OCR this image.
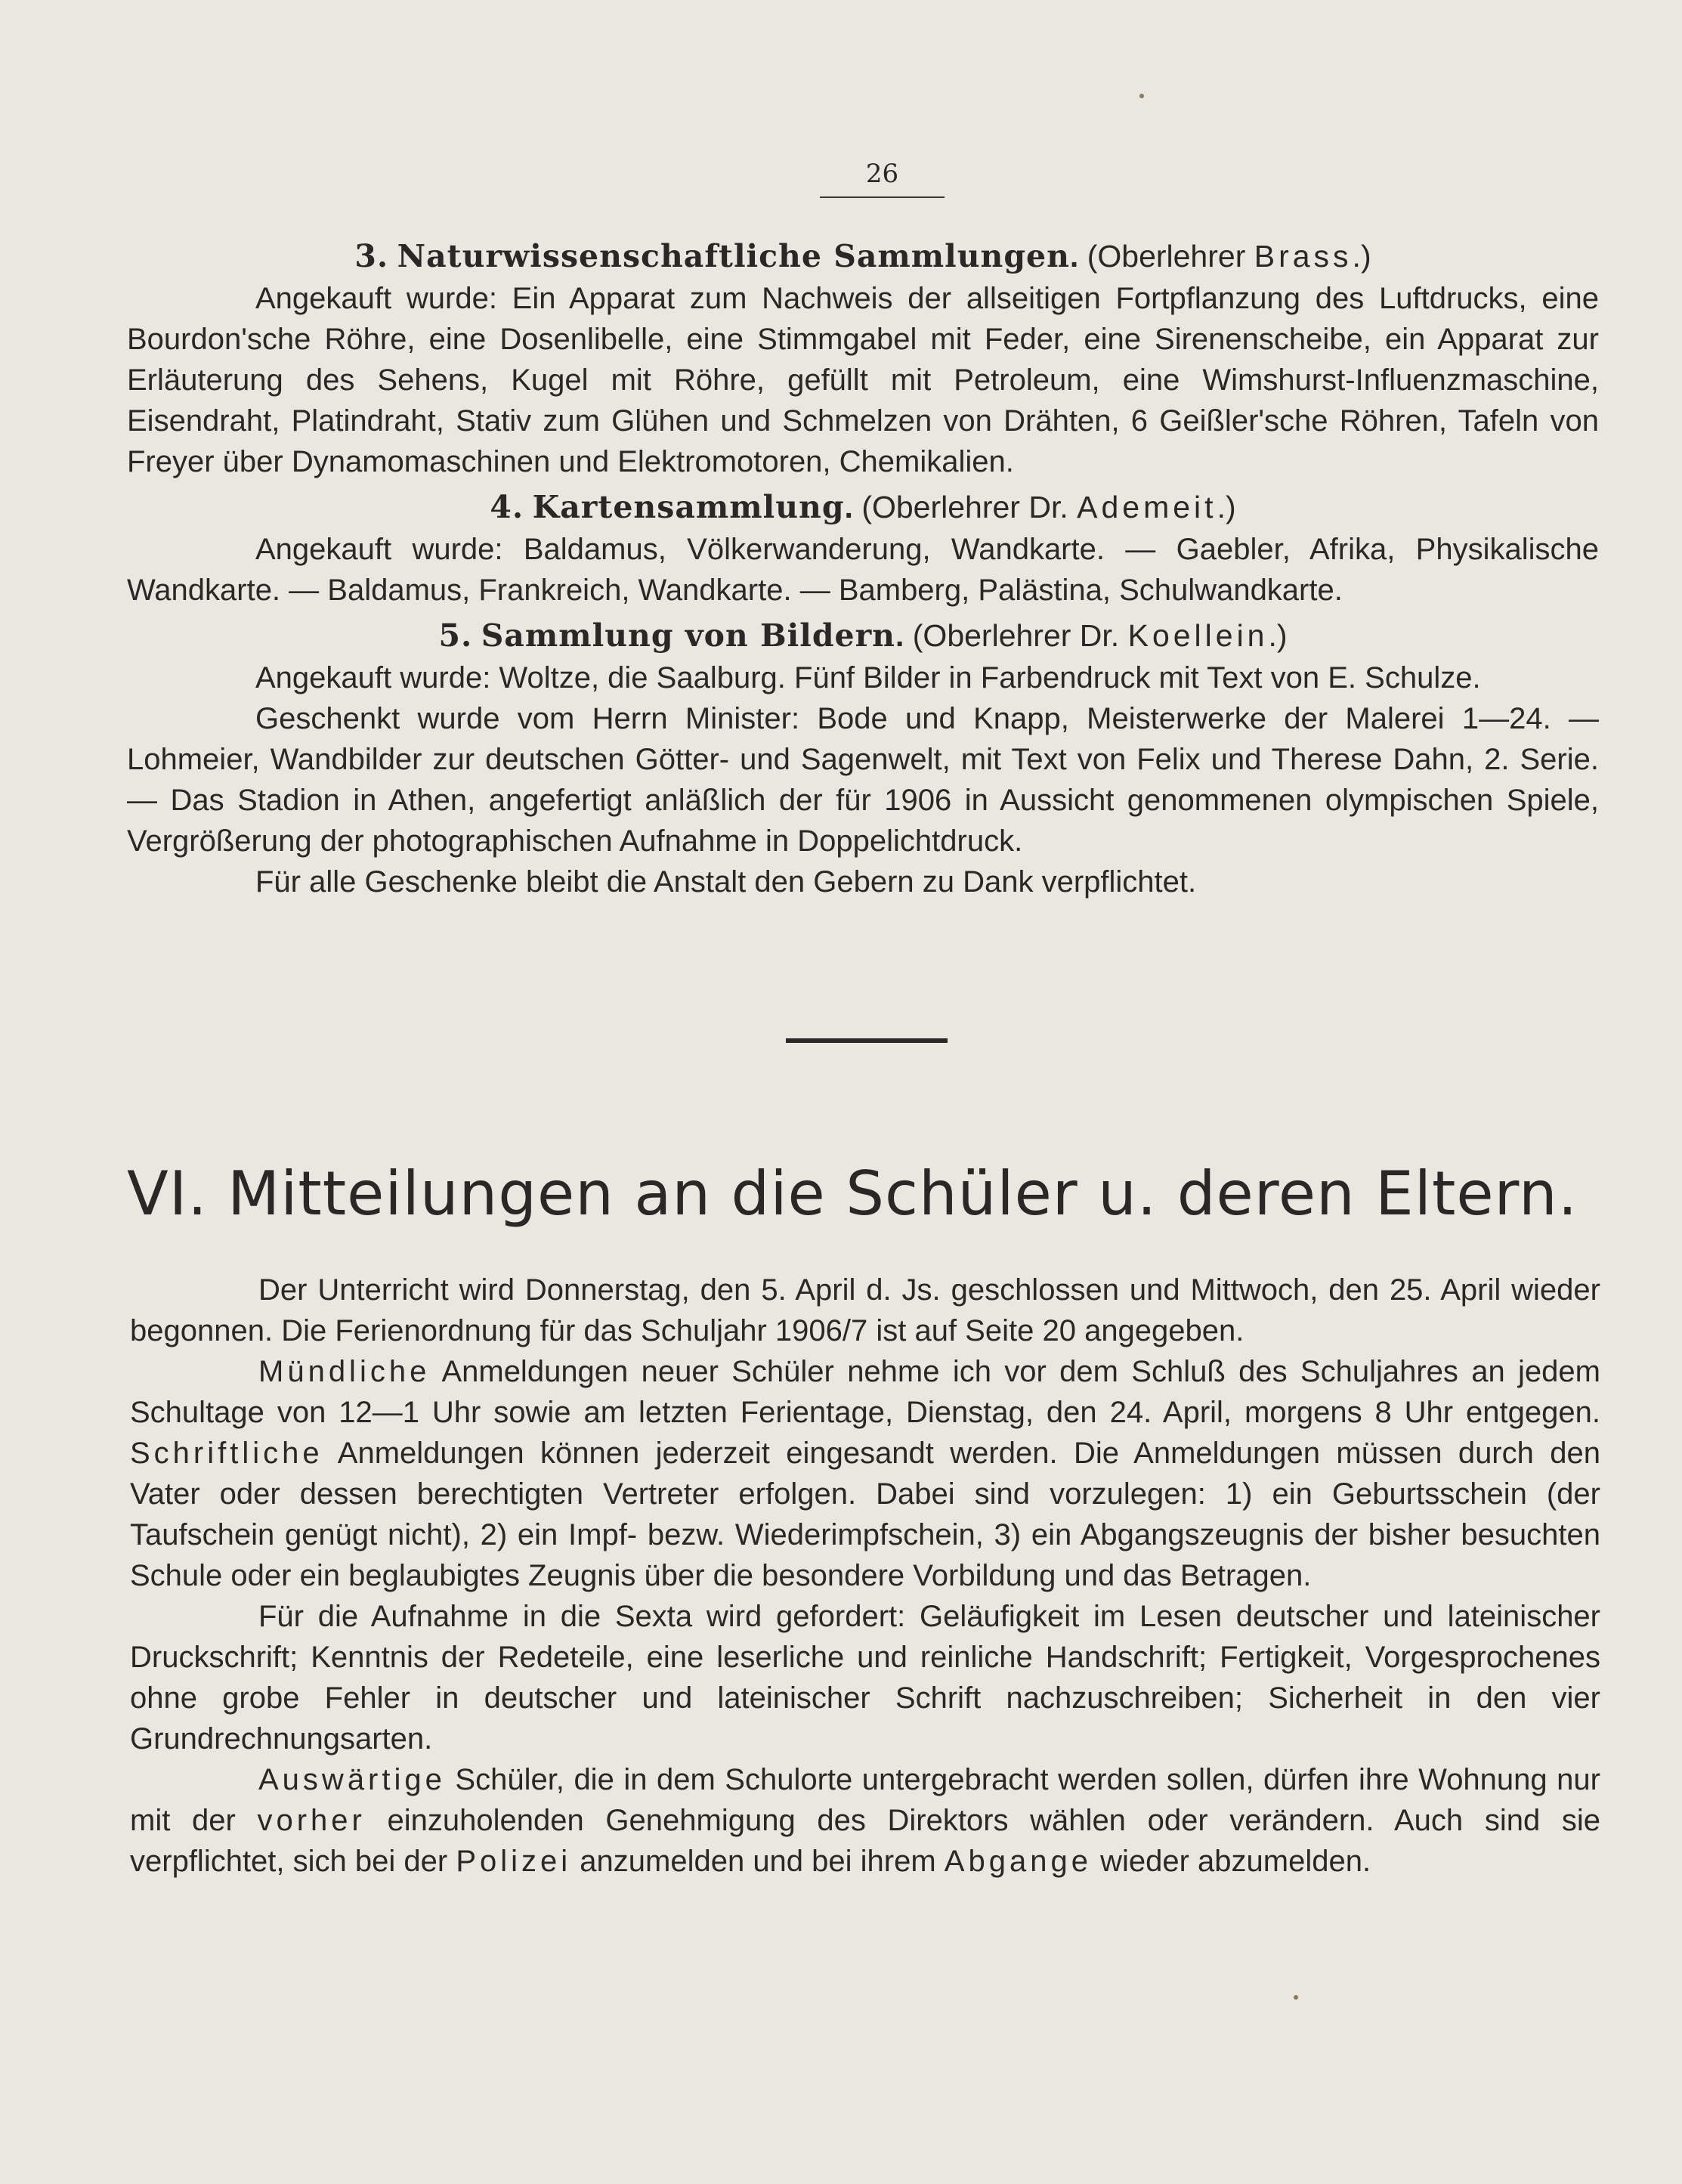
26
3. Naturwissenschaftliche Sammlungen. (Oberlehrer Brass.)

Angekauft wurde: Ein Apparat zum Nachweis der allseitigen Fortpflanzung des Luftdrucks, eine Bourdon'sche Röhre, eine Dosenlibelle, eine Stimmgabel mit Feder, eine Sirenenscheibe, ein Apparat zur Erläuterung des Sehens, Kugel mit Röhre, gefüllt mit Petroleum, eine Wimshurst-Influenzmaschine, Eisendraht, Platindraht, Stativ zum Glühen und Schmelzen von Drähten, 6 Geißler'sche Röhren, Tafeln von Freyer über Dynamomaschinen und Elektromotoren, Chemikalien.

4. Kartensammlung. (Oberlehrer Dr. Ademeit.)

Angekauft wurde: Baldamus, Völkerwanderung, Wandkarte. — Gaebler, Afrika, Physikalische Wandkarte. — Baldamus, Frankreich, Wandkarte. — Bamberg, Palästina, Schulwandkarte.

5. Sammlung von Bildern. (Oberlehrer Dr. Koellein.)

Angekauft wurde: Woltze, die Saalburg. Fünf Bilder in Farbendruck mit Text von E. Schulze.

Geschenkt wurde vom Herrn Minister: Bode und Knapp, Meisterwerke der Malerei 1—24. — Lohmeier, Wandbilder zur deutschen Götter- und Sagenwelt, mit Text von Felix und Therese Dahn, 2. Serie. — Das Stadion in Athen, angefertigt anläßlich der für 1906 in Aussicht genommenen olympischen Spiele, Vergrößerung der photographischen Aufnahme in Doppelichtdruck.

Für alle Geschenke bleibt die Anstalt den Gebern zu Dank verpflichtet.

VI. Mitteilungen an die Schüler u. deren Eltern.

Der Unterricht wird Donnerstag, den 5. April d. Js. geschlossen und Mittwoch, den 25. April wieder begonnen. Die Ferienordnung für das Schuljahr 1906/7 ist auf Seite 20 angegeben.

Mündliche Anmeldungen neuer Schüler nehme ich vor dem Schluß des Schuljahres an jedem Schultage von 12—1 Uhr sowie am letzten Ferientage, Dienstag, den 24. April, morgens 8 Uhr entgegen. Schriftliche Anmeldungen können jederzeit eingesandt werden. Die Anmeldungen müssen durch den Vater oder dessen berechtigten Vertreter erfolgen. Dabei sind vorzulegen: 1) ein Geburtsschein (der Taufschein genügt nicht), 2) ein Impf- bezw. Wiederimpfschein, 3) ein Abgangszeugnis der bisher besuchten Schule oder ein beglaubigtes Zeugnis über die besondere Vorbildung und das Betragen.

Für die Aufnahme in die Sexta wird gefordert: Geläufigkeit im Lesen deutscher und lateinischer Druckschrift; Kenntnis der Redeteile, eine leserliche und reinliche Handschrift; Fertigkeit, Vorgesprochenes ohne grobe Fehler in deutscher und lateinischer Schrift nachzuschreiben; Sicherheit in den vier Grundrechnungsarten.

Auswärtige Schüler, die in dem Schulorte untergebracht werden sollen, dürfen ihre Wohnung nur mit der vorher einzuholenden Genehmigung des Direktors wählen oder verändern. Auch sind sie verpflichtet, sich bei der Polizei anzumelden und bei ihrem Abgange wieder abzumelden.
